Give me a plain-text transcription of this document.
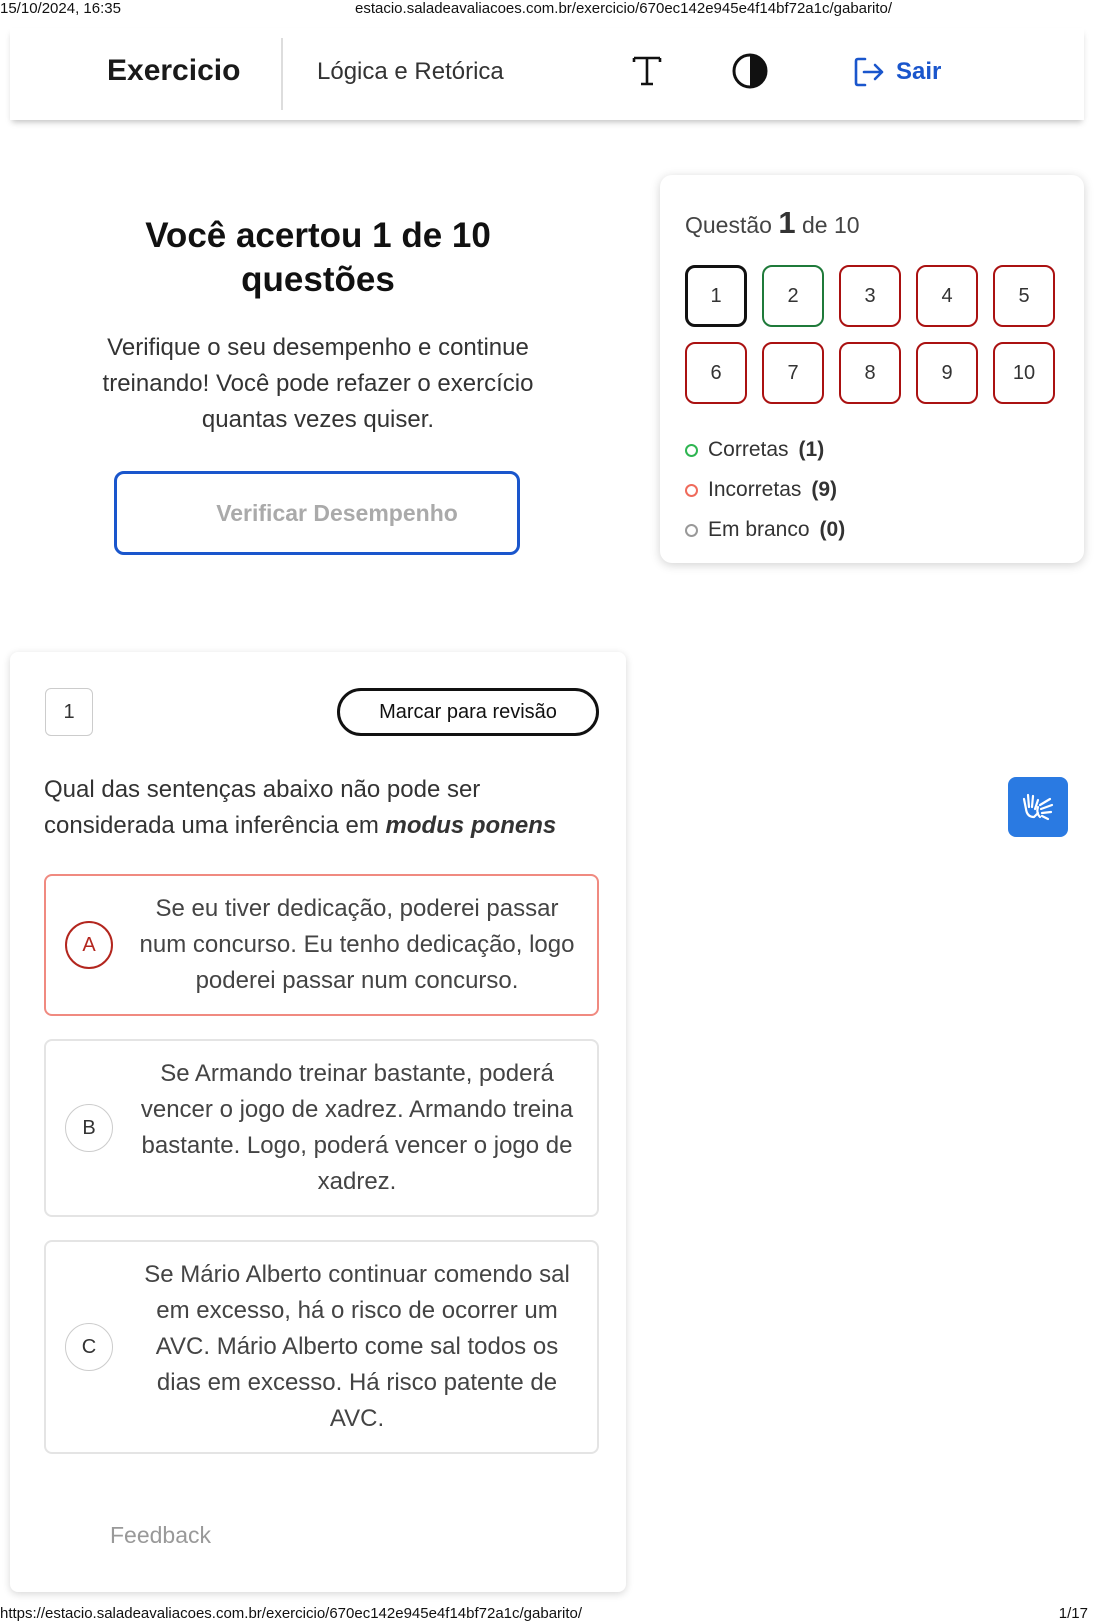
15/10/2024, 16:35	estacio.saladeavaliacoes.com.br/exercicio/670ec142e945e4f14bf72a1c/gabarito/
Exercicio	Lógica e Retórica	Sair
Você acertou 1 de 10 questões

Verifique o seu desempenho e continue treinando! Você pode refazer o exercício quantas vezes quiser.

Verificar Desempenho
Questão 1 de 10
1	2	3	4	5
6	7	8	9	10
Corretas (1)
Incorretas (9)
Em branco (0)
1	Marcar para revisão
Qual das sentenças abaixo não pode ser considerada uma inferência em modus ponens
A
Se eu tiver dedicação, poderei passar num concurso. Eu tenho dedicação, logo poderei passar num concurso.
B
Se Armando treinar bastante, poderá vencer o jogo de xadrez. Armando treina bastante. Logo, poderá vencer o jogo de xadrez.
C
Se Mário Alberto continuar comendo sal em excesso, há o risco de ocorrer um AVC. Mário Alberto come sal todos os dias em excesso. Há risco patente de AVC.
Feedback
https://estacio.saladeavaliacoes.com.br/exercicio/670ec142e945e4f14bf72a1c/gabarito/	1/17
